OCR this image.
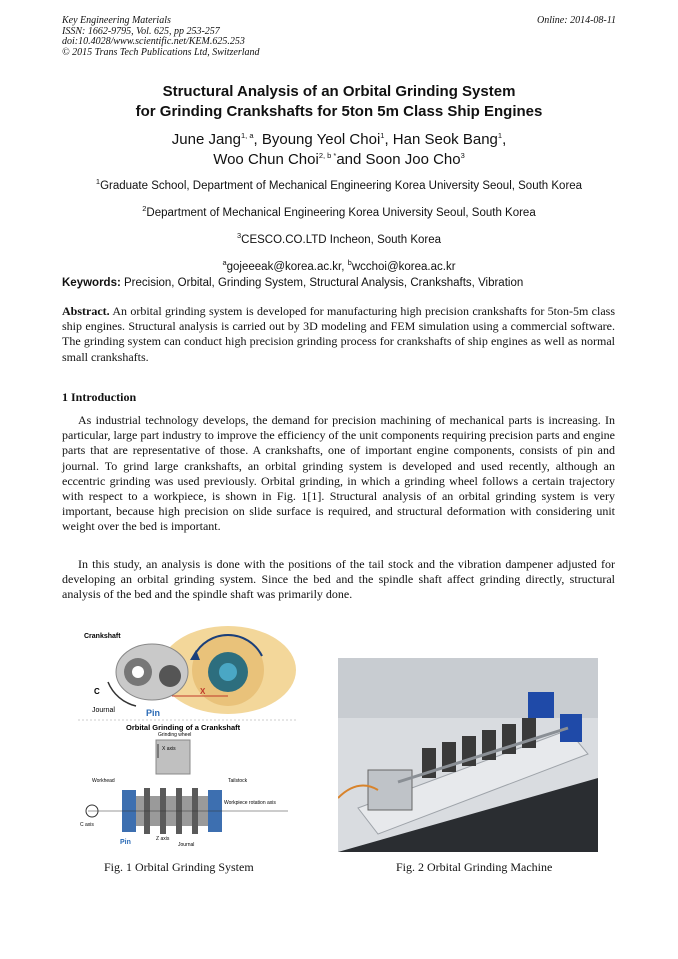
Key Engineering Materials
ISSN: 1662-9795, Vol. 625, pp 253-257
doi:10.4028/www.scientific.net/KEM.625.253
© 2015 Trans Tech Publications Ltd, Switzerland
Online: 2014-08-11
Structural Analysis of an Orbital Grinding System
for Grinding Crankshafts for 5ton 5m Class Ship Engines
June Jang$^{1, a}$, Byoung Yeol Choi$^1$, Han Seok Bang$^1$,
Woo Chun Choi$^{2, b *}$and Soon Joo Cho$^3$
$^1$Graduate School, Department of Mechanical Engineering Korea University Seoul, South Korea
$^2$Department of Mechanical Engineering Korea University Seoul, South Korea
$^3$CESCO.CO.LTD Incheon, South Korea
$^a$gojeeeak@korea.ac.kr, $^b$wcchoi@korea.ac.kr
Keywords: Precision, Orbital, Grinding System, Structural Analysis, Crankshafts, Vibration
Abstract. An orbital grinding system is developed for manufacturing high precision crankshafts for 5ton-5m class ship engines. Structural analysis is carried out by 3D modeling and FEM simulation using a commercial software. The grinding system can conduct high precision grinding process for crankshafts of ship engines as well as normal small crankshafts.
1 Introduction
As industrial technology develops, the demand for precision machining of mechanical parts is increasing. In particular, large part industry to improve the efficiency of the unit components requiring precision parts and engine parts that are representative of those. A crankshafts, one of important engine components, consists of pin and journal. To grind large crankshafts, an orbital grinding system is developed and used recently, although an eccentric grinding was used previously. Orbital grinding, in which a grinding wheel follows a certain trajectory with respect to a workpiece, is shown in Fig. 1[1]. Structural analysis of an orbital grinding system is very important, because high precision on slide surface is required, and structural deformation with considering unit weight over the bed is important.
In this study, an analysis is done with the positions of the tail stock and the vibration dampener adjusted for developing an orbital grinding system. Since the bed and the spindle shaft affect grinding directly, structural analysis of the bed and the spindle shaft was primarily done.
Crankshaft
C
Journal	Pin
X
Orbital Grinding of a Crankshaft
Grinding wheel
X axis
Workhead	Tailstock
C axis
Workpiece rotation axis
Pin	Z axis
Journal
Fig. 1 Orbital Grinding System	Fig. 2 Orbital Grinding Machine
